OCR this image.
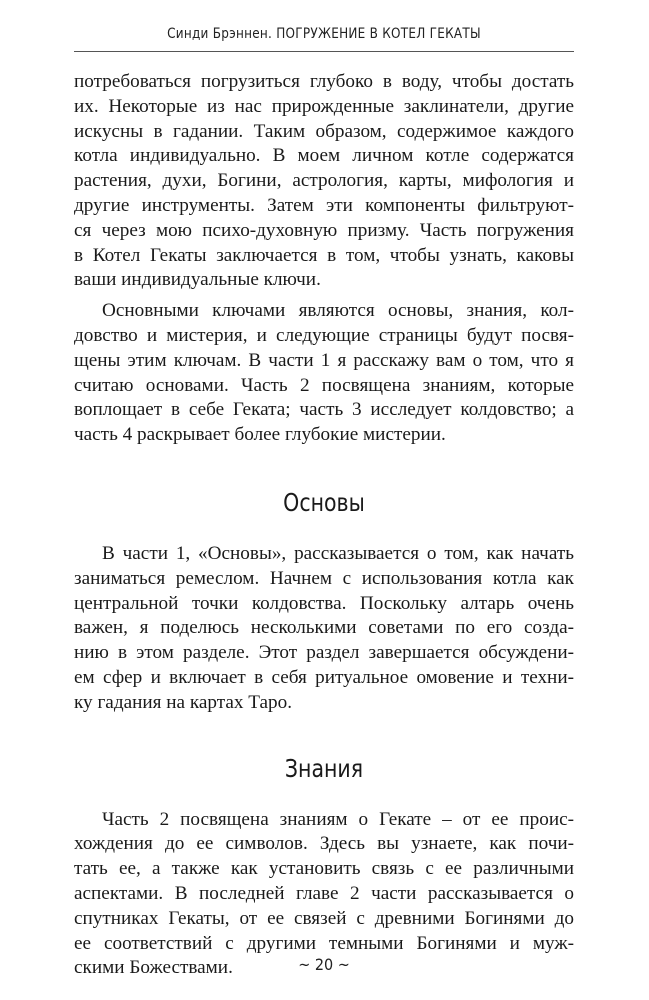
Синди Брэннен. ПОГРУЖЕНИЕ В КОТЕЛ ГЕКАТЫ
потребоваться погрузиться глубоко в воду, чтобы достать
их. Некоторые из нас прирожденные заклинатели, другие
искусны в гадании. Таким образом, содержимое каждого
котла индивидуально. В моем личном котле содержатся
растения, духи, Богини, астрология, карты, мифология и
другие инструменты. Затем эти компоненты фильтруют-
ся через мою психо-духовную призму. Часть погружения
в Котел Гекаты заключается в том, чтобы узнать, каковы
ваши индивидуальные ключи.
Основными ключами являются основы, знания, кол-
довство и мистерия, и следующие страницы будут посвя-
щены этим ключам. В части 1 я расскажу вам о том, что я
считаю основами. Часть 2 посвящена знаниям, которые
воплощает в себе Геката; часть 3 исследует колдовство; а
часть 4 раскрывает более глубокие мистерии.
Основы
В части 1, «Основы», рассказывается о том, как начать
заниматься ремеслом. Начнем с использования котла как
центральной точки колдовства. Поскольку алтарь очень
важен, я поделюсь несколькими советами по его созда-
нию в этом разделе. Этот раздел завершается обсуждени-
ем сфер и включает в себя ритуальное омовение и техни-
ку гадания на картах Таро.
Знания
Часть 2 посвящена знаниям о Гекате – от ее проис-
хождения до ее символов. Здесь вы узнаете, как почи-
тать ее, а также как установить связь с ее различными
аспектами. В последней главе 2 части рассказывается о
спутниках Гекаты, от ее связей с древними Богинями до
ее соответствий с другими темными Богинями и муж-
скими Божествами.	~ 20 ~
